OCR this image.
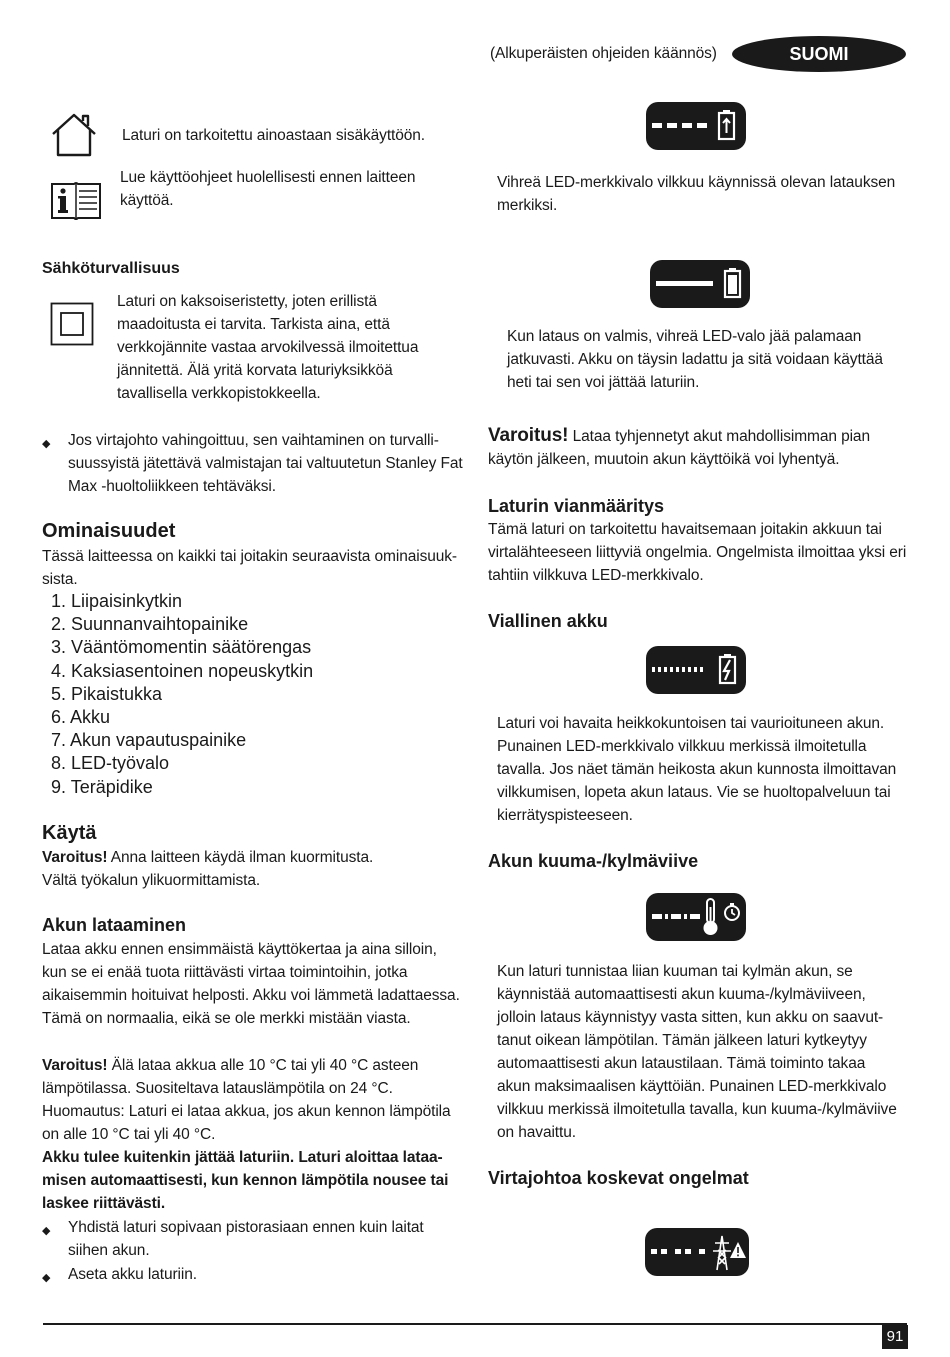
(Alkuperäisten ohjeiden käännös)	SUOMI
Laturi on tarkoitettu ainoastaan sisäkäyttöön.
Lue käyttöohjeet huolellisesti ennen laitteen
käyttöä.
Sähköturvallisuus
Laturi on kaksoiseristetty, joten erillistä
maadoitusta ei tarvita. Tarkista aina, että
verkkojännite vastaa arvokilvessä ilmoitettua
jännitettä. Älä yritä korvata laturiyksikköä
tavallisella verkkopistokkeella.
◆ Jos virtajohto vahingoittuu, sen vaihtaminen on turvalli-
suussyistä jätettävä valmistajan tai valtuutetun Stanley Fat
Max -huoltoliikkeen tehtäväksi.
Ominaisuudet
Tässä laitteessa on kaikki tai joitakin seuraavista ominaisuuk-
sista.
1. Liipaisinkytkin
2. Suunnanvaihtopainike
3. Vääntömomentin säätörengas
4. Kaksiasentoinen nopeuskytkin
5. Pikaistukka
6. Akku
7. Akun vapautuspainike
8. LED-työvalo
9. Teräpidike
Käytä
Varoitus! Anna laitteen käydä ilman kuormitusta.
Vältä työkalun ylikuormittamista.
Akun lataaminen
Lataa akku ennen ensimmäistä käyttökertaa ja aina silloin,
kun se ei enää tuota riittävästi virtaa toimintoihin, jotka
aikaisemmin hoituivat helposti. Akku voi lämmetä ladattaessa.
Tämä on normaalia, eikä se ole merkki mistään viasta.
Varoitus! Älä lataa akkua alle 10 °C tai yli 40 °C asteen
lämpötilassa. Suositeltava latauslämpötila on 24 °C.
Huomautus: Laturi ei lataa akkua, jos akun kennon lämpötila
on alle 10 °C tai yli 40 °C.
Akku tulee kuitenkin jättää laturiin. Laturi aloittaa lataa-
misen automaattisesti, kun kennon lämpötila nousee tai
laskee riittävästi.
◆ Yhdistä laturi sopivaan pistorasiaan ennen kuin laitat
siihen akun.
◆ Aseta akku laturiin.
Vihreä LED-merkkivalo vilkkuu käynnissä olevan latauksen
merkiksi.
Kun lataus on valmis, vihreä LED-valo jää palamaan
jatkuvasti. Akku on täysin ladattu ja sitä voidaan käyttää
heti tai sen voi jättää laturiin.
Varoitus! Lataa tyhjennetyt akut mahdollisimman pian
käytön jälkeen, muutoin akun käyttöikä voi lyhentyä.
Laturin vianmääritys
Tämä laturi on tarkoitettu havaitsemaan joitakin akkuun tai
virtalähteeseen liittyviä ongelmia. Ongelmista ilmoittaa yksi eri
tahtiin vilkkuva LED-merkkivalo.
Viallinen akku
Laturi voi havaita heikkokuntoisen tai vaurioituneen akun.
Punainen LED-merkkivalo vilkkuu merkissä ilmoitetulla
tavalla. Jos näet tämän heikosta akun kunnosta ilmoittavan
vilkkumisen, lopeta akun lataus. Vie se huoltopalveluun tai
kierrätyspisteeseen.
Akun kuuma-/kylmäviive
Kun laturi tunnistaa liian kuuman tai kylmän akun, se
käynnistää automaattisesti akun kuuma-/kylmäviiveen,
jolloin lataus käynnistyy vasta sitten, kun akku on saavut-
tanut oikean lämpötilan. Tämän jälkeen laturi kytkeytyy
automaattisesti akun lataustilaan. Tämä toiminto takaa
akun maksimaalisen käyttöiän. Punainen LED-merkkivalo
vilkkuu merkissä ilmoitetulla tavalla, kun kuuma-/kylmäviive
on havaittu.
Virtajohtoa koskevat ongelmat
91
